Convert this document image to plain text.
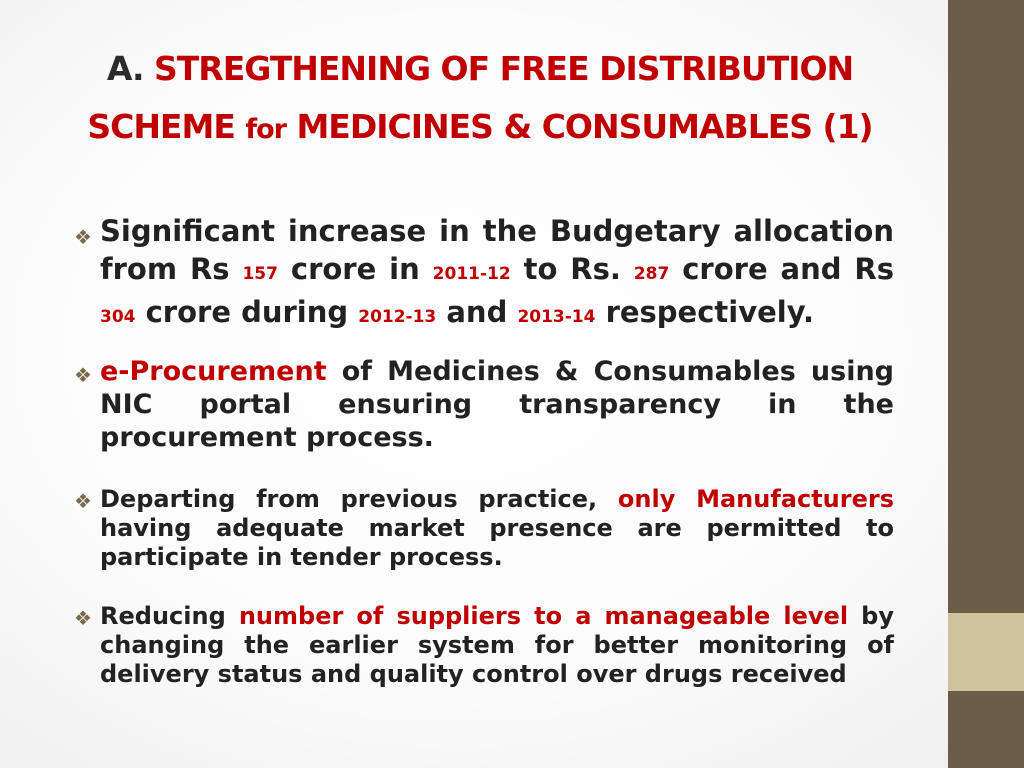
A. STREGTHENING OF FREE DISTRIBUTION
SCHEME for MEDICINES & CONSUMABLES (1)
❖ Significant increase in the Budgetary allocation from Rs 157 crore in 2011-12 to Rs. 287 crore and Rs 304 crore during 2012-13 and 2013-14 respectively.
❖ e-Procurement of Medicines & Consumables using NIC portal ensuring transparency in the procurement process.
❖ Departing from previous practice, only Manufacturers having adequate market presence are permitted to participate in tender process.
❖ Reducing number of suppliers to a manageable level by changing the earlier system for better monitoring of delivery status and quality control over drugs received
